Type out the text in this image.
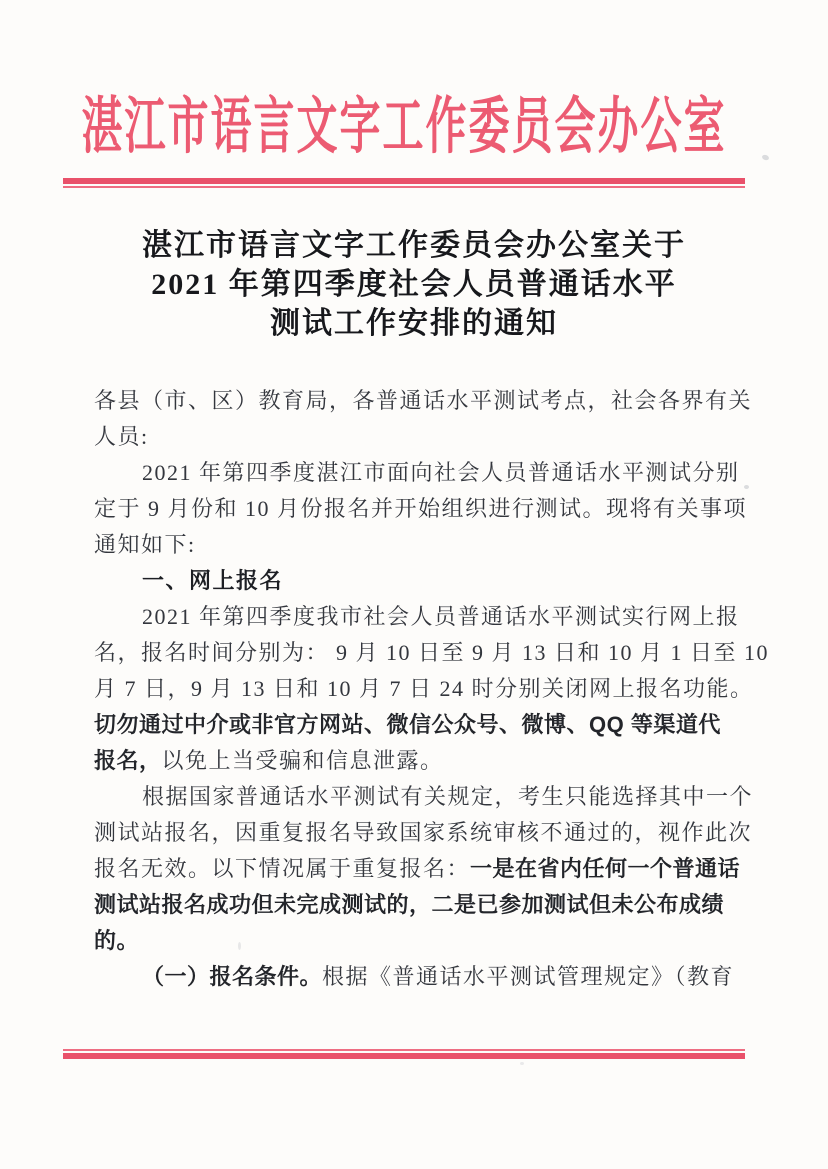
湛江市语言文字工作委员会办公室
湛江市语言文字工作委员会办公室关于
2021 年第四季度社会人员普通话水平
测试工作安排的通知
各县（市、区）教育局，各普通话水平测试考点，社会各界有关
人员:
2021 年第四季度湛江市面向社会人员普通话水平测试分别
定于 9 月份和 10 月份报名并开始组织进行测试。现将有关事项
通知如下:
一、网上报名
2021 年第四季度我市社会人员普通话水平测试实行网上报
名，报名时间分别为： 9 月 10 日至 9 月 13 日和 10 月 1 日至 10
月 7 日，9 月 13 日和 10 月 7 日 24 时分别关闭网上报名功能。
切勿通过中介或非官方网站、微信公众号、微博、QQ 等渠道代
报名，以免上当受骗和信息泄露。
根据国家普通话水平测试有关规定，考生只能选择其中一个
测试站报名，因重复报名导致国家系统审核不通过的，视作此次
报名无效。以下情况属于重复报名：一是在省内任何一个普通话
测试站报名成功但未完成测试的，二是已参加测试但未公布成绩
的。
（一）报名条件。根据《普通话水平测试管理规定》（教育
